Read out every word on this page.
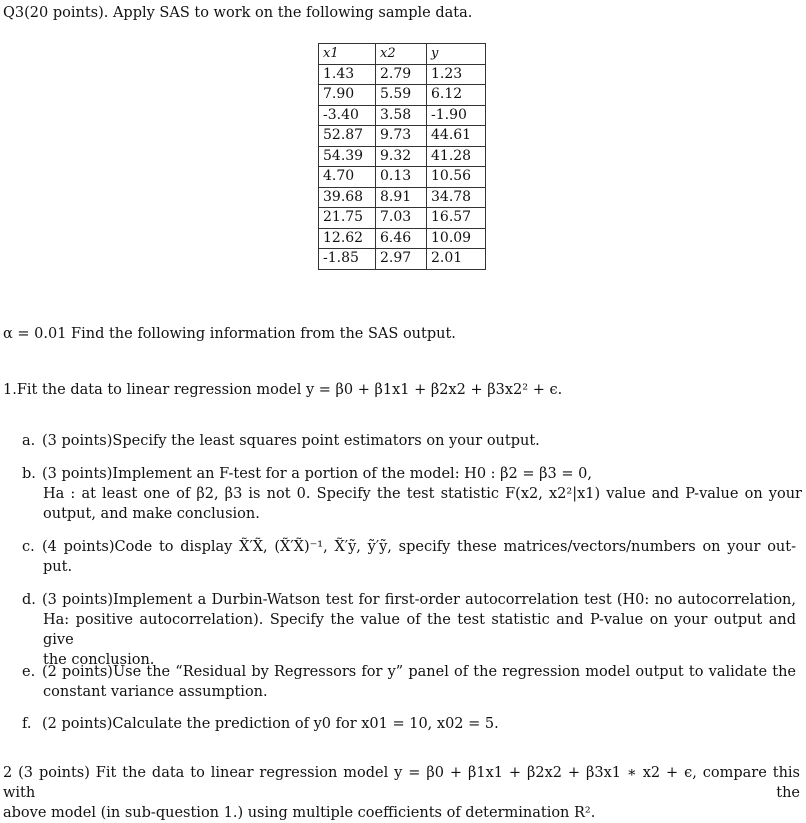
Q3(20 points). Apply SAS to work on the following sample data.
x1	x2	y
1.43	2.79	1.23
7.90	5.59	6.12
-3.40	3.58	-1.90
52.87	9.73	44.61
54.39	9.32	41.28
4.70	0.13	10.56
39.68	8.91	34.78
21.75	7.03	16.57
12.62	6.46	10.09
-1.85	2.97	2.01
α = 0.01 Find the following information from the SAS output.
1.Fit the data to linear regression model y = β0 + β1x1 + β2x2 + β3x2² + ϵ.
a. (3 points)Specify the least squares point estimators on your output.
b. (3 points)Implement an F-test for a portion of the model: H0 : β2 = β3 = 0,
Ha : at least one of β2, β3 is not 0. Specify the test statistic F(x2, x2²|x1) value and P-value on your
output, and make conclusion.
c. (4 points)Code to display X̃′X̃, (X̃′X̃)⁻¹, X̃′ỹ, ỹ′ỹ, specify these matrices/vectors/numbers on your out-
put.
d. (3 points)Implement a Durbin-Watson test for first-order autocorrelation test (H0: no autocorrelation,
Ha: positive autocorrelation). Specify the value of the test statistic and P-value on your output and give
the conclusion.
e. (2 points)Use the “Residual by Regressors for y” panel of the regression model output to validate the
constant variance assumption.
f. (2 points)Calculate the prediction of y0 for x01 = 10, x02 = 5.
2 (3 points) Fit the data to linear regression model y = β0 + β1x1 + β2x2 + β3x1 ∗ x2 + ϵ, compare this with the
above model (in sub-question 1.) using multiple coefficients of determination R².
